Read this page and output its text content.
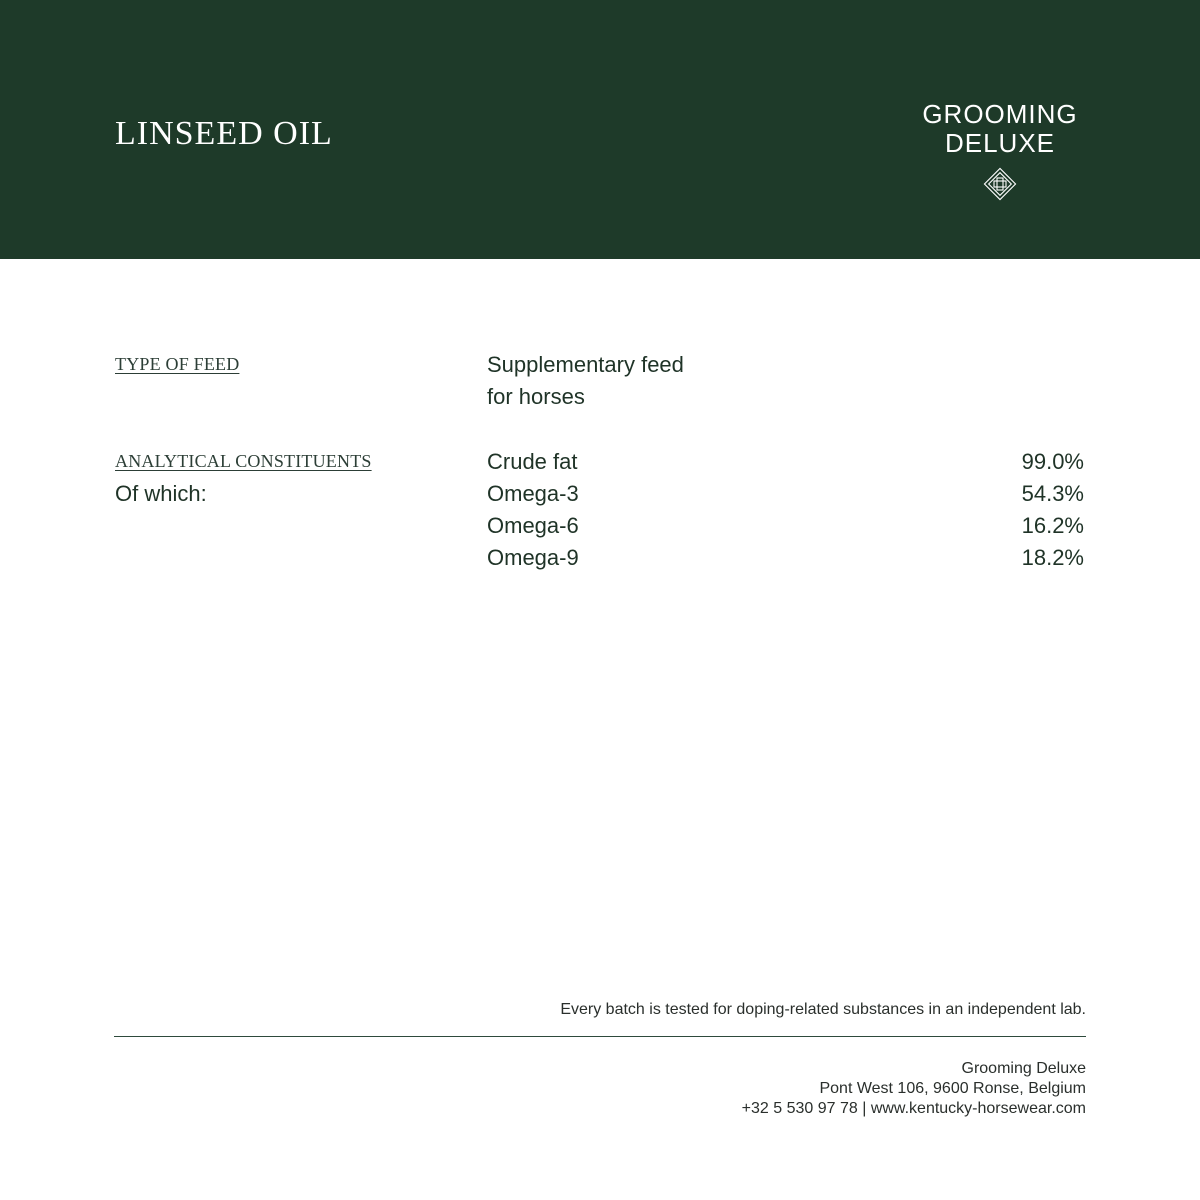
LINSEED OIL
GROOMING
DELUXE
TYPE OF FEED	Supplementary feed
for horses
ANALYTICAL CONSTITUENTS
Of which:
Crude fat	99.0%
Omega-3	54.3%
Omega-6	16.2%
Omega-9	18.2%
Every batch is tested for doping-related substances in an independent lab.
Grooming Deluxe
Pont West 106, 9600 Ronse, Belgium
+32 5 530 97 78 | www.kentucky-horsewear.com
